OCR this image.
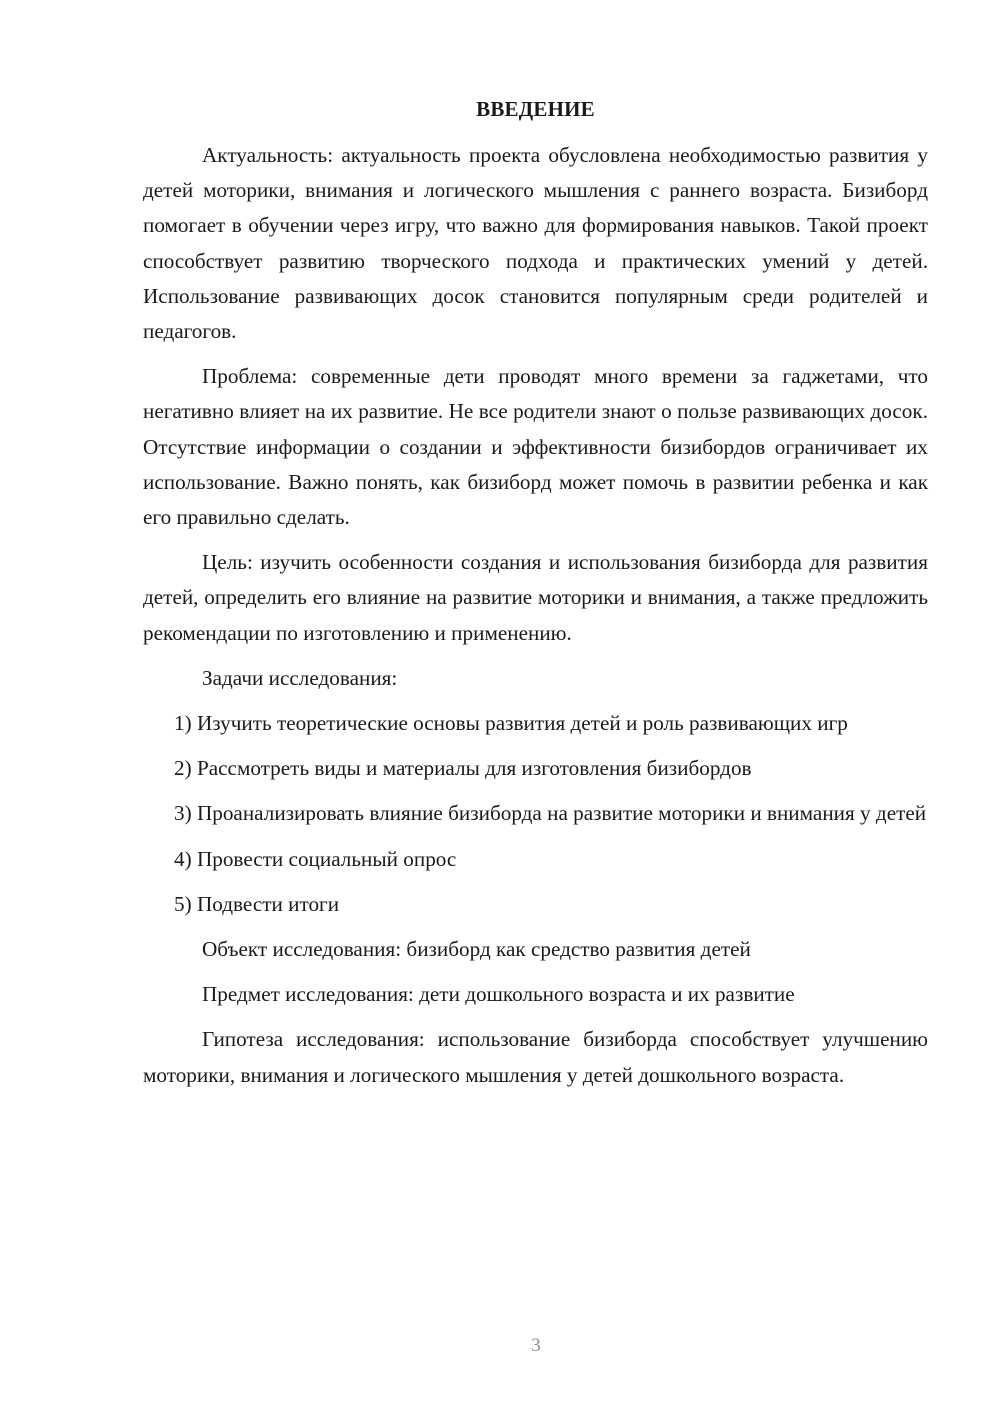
ВВЕДЕНИЕ

Актуальность: актуальность проекта обусловлена необходимостью развития у детей моторики, внимания и логического мышления с раннего возраста. Бизиборд помогает в обучении через игру, что важно для формирования навыков. Такой проект способствует развитию творческого подхода и практических умений у детей. Использование развивающих досок становится популярным среди родителей и педагогов.

Проблема: современные дети проводят много времени за гаджетами, что негативно влияет на их развитие. Не все родители знают о пользе развивающих досок. Отсутствие информации о создании и эффективности бизибордов ограничивает их использование. Важно понять, как бизиборд может помочь в развитии ребенка и как его правильно сделать.

Цель: изучить особенности создания и использования бизиборда для развития детей, определить его влияние на развитие моторики и внимания, а также предложить рекомендации по изготовлению и применению.

Задачи исследования:

1) Изучить теоретические основы развития детей и роль развивающих игр

2) Рассмотреть виды и материалы для изготовления бизибордов

3) Проанализировать влияние бизиборда на развитие моторики и внимания у детей

4) Провести социальный опрос

5) Подвести итоги

Объект исследования: бизиборд как средство развития детей

Предмет исследования: дети дошкольного возраста и их развитие

Гипотеза исследования: использование бизиборда способствует улучшению моторики, внимания и логического мышления у детей дошкольного возраста.

3
